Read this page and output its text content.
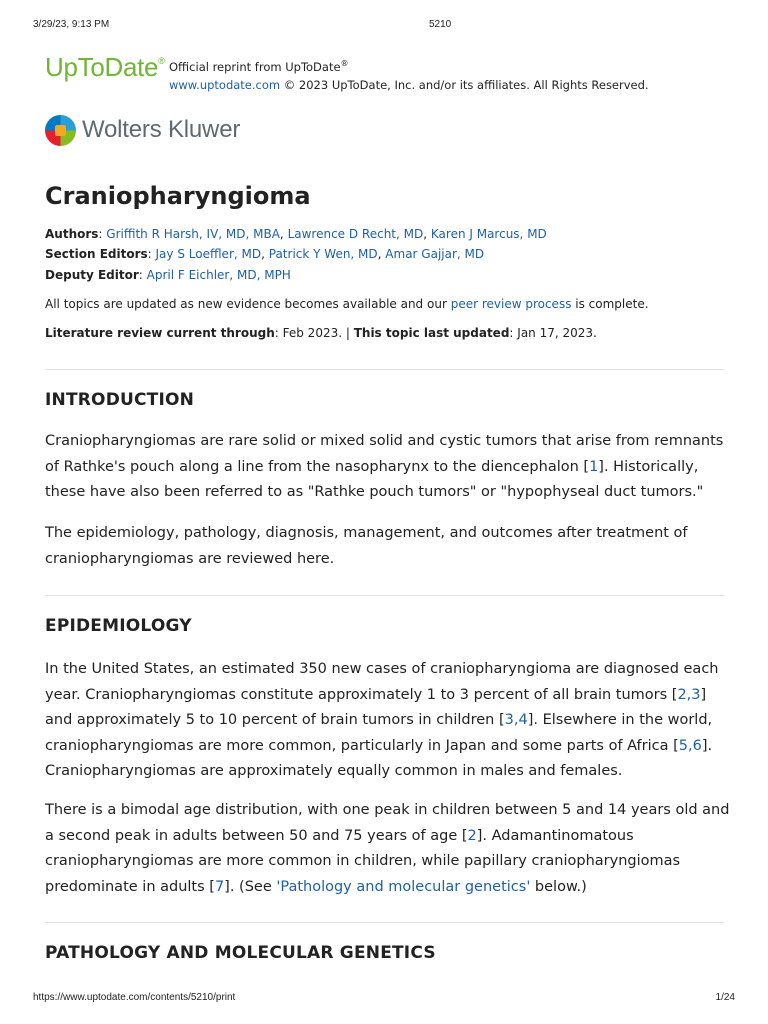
3/29/23, 9:13 PM	5210
UpToDate® Official reprint from UpToDate®
www.uptodate.com © 2023 UpToDate, Inc. and/or its affiliates. All Rights Reserved.
Wolters Kluwer
Craniopharyngioma
Authors: Griffith R Harsh, IV, MD, MBA, Lawrence D Recht, MD, Karen J Marcus, MD
Section Editors: Jay S Loeffler, MD, Patrick Y Wen, MD, Amar Gajjar, MD
Deputy Editor: April F Eichler, MD, MPH
All topics are updated as new evidence becomes available and our peer review process is complete.
Literature review current through: Feb 2023. | This topic last updated: Jan 17, 2023.
INTRODUCTION

Craniopharyngiomas are rare solid or mixed solid and cystic tumors that arise from remnants of Rathke's pouch along a line from the nasopharynx to the diencephalon [1]. Historically, these have also been referred to as "Rathke pouch tumors" or "hypophyseal duct tumors."

The epidemiology, pathology, diagnosis, management, and outcomes after treatment of craniopharyngiomas are reviewed here.

EPIDEMIOLOGY

In the United States, an estimated 350 new cases of craniopharyngioma are diagnosed each year. Craniopharyngiomas constitute approximately 1 to 3 percent of all brain tumors [2,3] and approximately 5 to 10 percent of brain tumors in children [3,4]. Elsewhere in the world, craniopharyngiomas are more common, particularly in Japan and some parts of Africa [5,6]. Craniopharyngiomas are approximately equally common in males and females.

There is a bimodal age distribution, with one peak in children between 5 and 14 years old and a second peak in adults between 50 and 75 years of age [2]. Adamantinomatous craniopharyngiomas are more common in children, while papillary craniopharyngiomas predominate in adults [7]. (See 'Pathology and molecular genetics' below.)

PATHOLOGY AND MOLECULAR GENETICS
https://www.uptodate.com/contents/5210/print	1/24
